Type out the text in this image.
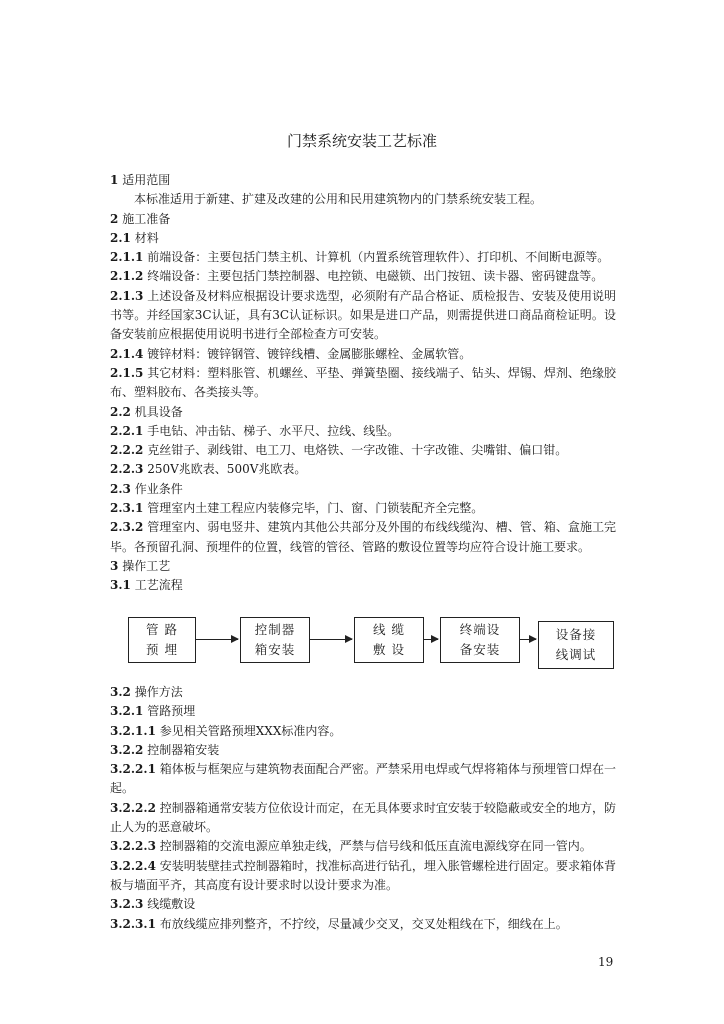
门禁系统安装工艺标准

1 适用范围

本标准适用于新建、扩建及改建的公用和民用建筑物内的门禁系统安装工程。

2 施工准备

2.1 材料

2.1.1 前端设备：主要包括门禁主机、计算机（内置系统管理软件）、打印机、不间断电源等。

2.1.2 终端设备：主要包括门禁控制器、电控锁、电磁锁、出门按钮、读卡器、密码键盘等。

2.1.3 上述设备及材料应根据设计要求选型，必须附有产品合格证、质检报告、安装及使用说明书等。并经国家3C认证，具有3C认证标识。如果是进口产品，则需提供进口商品商检证明。设备安装前应根据使用说明书进行全部检查方可安装。

2.1.4 镀锌材料：镀锌钢管、镀锌线槽、金属膨胀螺栓、金属软管。

2.1.5 其它材料：塑料胀管、机螺丝、平垫、弹簧垫圈、接线端子、钻头、焊锡、焊剂、绝缘胶布、塑料胶布、各类接头等。

2.2 机具设备

2.2.1 手电钻、冲击钻、梯子、水平尺、拉线、线坠。

2.2.2 克丝钳子、剥线钳、电工刀、电烙铁、一字改锥、十字改锥、尖嘴钳、偏口钳。

2.2.3 250V兆欧表、500V兆欧表。

2.3 作业条件

2.3.1 管理室内土建工程应内装修完毕，门、窗、门锁装配齐全完整。

2.3.2 管理室内、弱电竖井、建筑内其他公共部分及外围的布线线缆沟、槽、管、箱、盒施工完毕。各预留孔洞、预埋件的位置，线管的管径、管路的敷设位置等均应符合设计施工要求。

3 操作工艺

3.1 工艺流程

管 路
预 埋
控制器
箱安装
线 缆
敷 设
终端设
备安装
设备接
线调试

3.2 操作方法

3.2.1 管路预埋

3.2.1.1 参见相关管路预埋XXX标准内容。

3.2.2 控制器箱安装

3.2.2.1 箱体板与框架应与建筑物表面配合严密。严禁采用电焊或气焊将箱体与预埋管口焊在一起。

3.2.2.2 控制器箱通常安装方位依设计而定，在无具体要求时宜安装于较隐蔽或安全的地方，防止人为的恶意破坏。

3.2.2.3 控制器箱的交流电源应单独走线，严禁与信号线和低压直流电源线穿在同一管内。

3.2.2.4 安装明装壁挂式控制器箱时，找准标高进行钻孔，埋入胀管螺栓进行固定。要求箱体背板与墙面平齐，其高度有设计要求时以设计要求为准。

3.2.3 线缆敷设

3.2.3.1 布放线缆应排列整齐，不拧绞，尽量减少交叉，交叉处粗线在下，细线在上。

19
